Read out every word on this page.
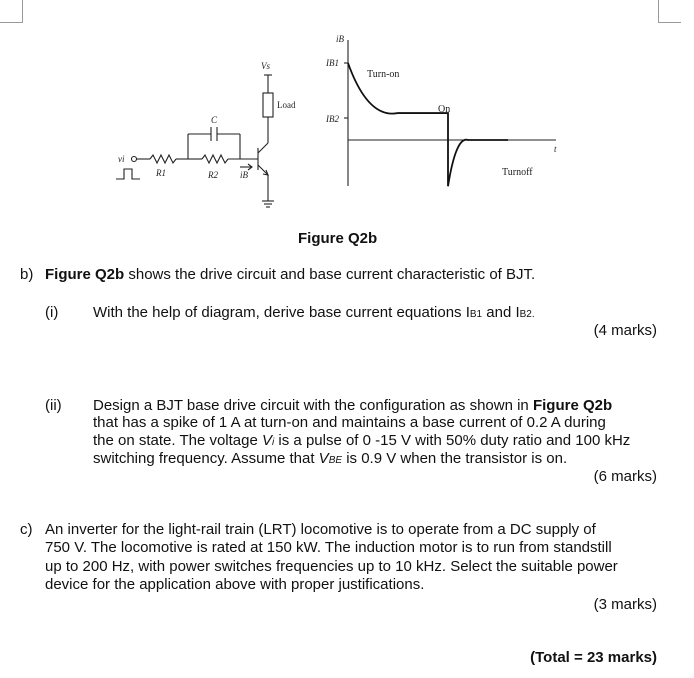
Vs
Load
C
vi
R1	R2 iB
iB
IB1
IB2
t
Turn-on
On
Turnoff
Figure Q2b
b) Figure Q2b shows the drive circuit and base current characteristic of BJT.
(i) With the help of diagram, derive base current equations IB1 and IB2.
(4 marks)
(ii) Design a BJT base drive circuit with the configuration as shown in Figure Q2b
that has a spike of 1 A at turn-on and maintains a base current of 0.2 A during
the on state. The voltage Vi is a pulse of 0 -15 V with 50% duty ratio and 100 kHz
switching frequency. Assume that VBE is 0.9 V when the transistor is on.
(6 marks)
c) An inverter for the light-rail train (LRT) locomotive is to operate from a DC supply of
750 V. The locomotive is rated at 150 kW. The induction motor is to run from standstill
up to 200 Hz, with power switches frequencies up to 10 kHz. Select the suitable power
device for the application above with proper justifications.
(3 marks)
(Total = 23 marks)
